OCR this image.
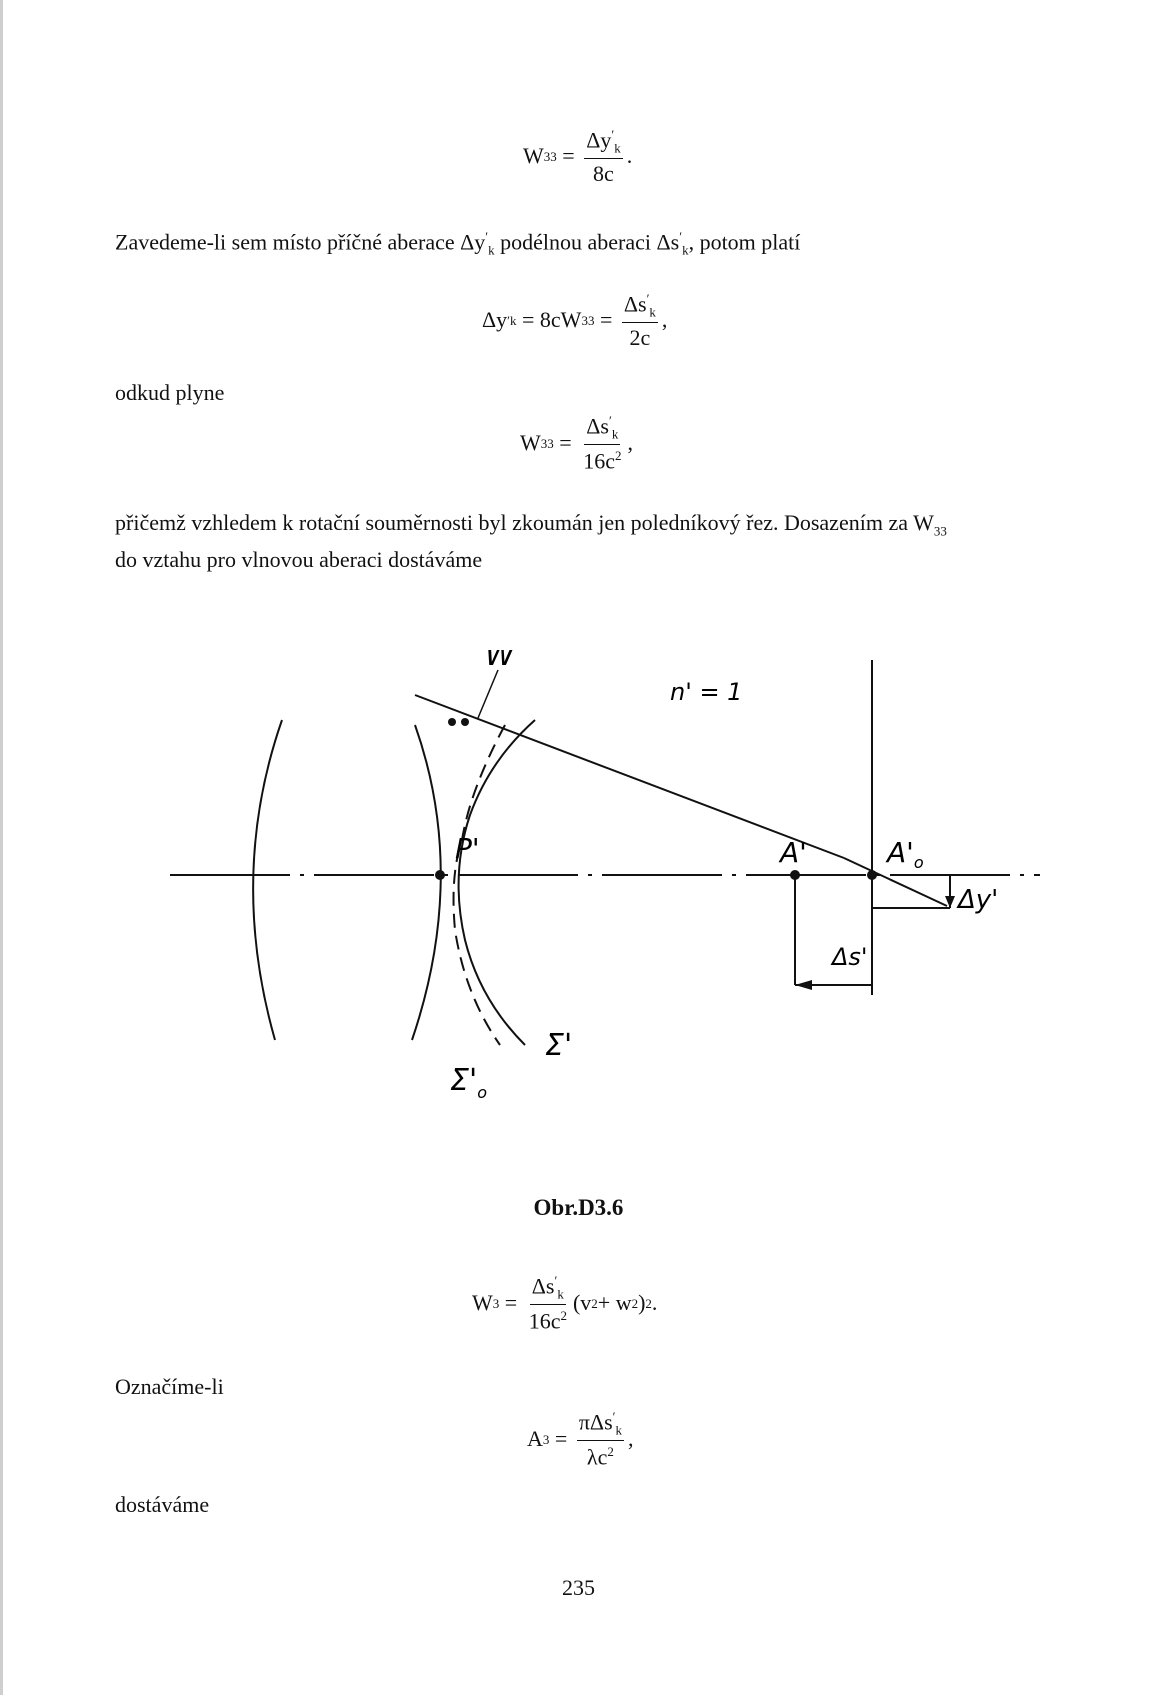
W $33 = \frac{\Delta y'_k}{8c}$ .
Zavedeme-li sem místo příčné aberace $\Delta y'_k$ podélnou aberaci $\Delta s'_k$, potom platí
Δy ′ k
= 8cW $33 = \frac{\Delta s'_k}{2c}$ ,
odkud plyne
W $33 = \frac{\Delta s'_k}{16c^2}$ ,
přičemž vzhledem k rotační souměrnosti byl zkoumán jen poledníkový řez. Dosazením za $W_{33}$
do vztahu pro vlnovou aberaci dostáváme
W
n' = 1
P'	A'	$A'_o$
Δy'
Δs'
Σ'
$\Sigma'_o$
Obr.D3.6
W $3 = \frac{\Delta s'_k}{16c^2} (v$ 2 + w 2 ) 2 .
Označíme-li
A $3 = \frac{\pi\Delta s'_k}{\lambda c^2}$ ,
dostáváme
235
